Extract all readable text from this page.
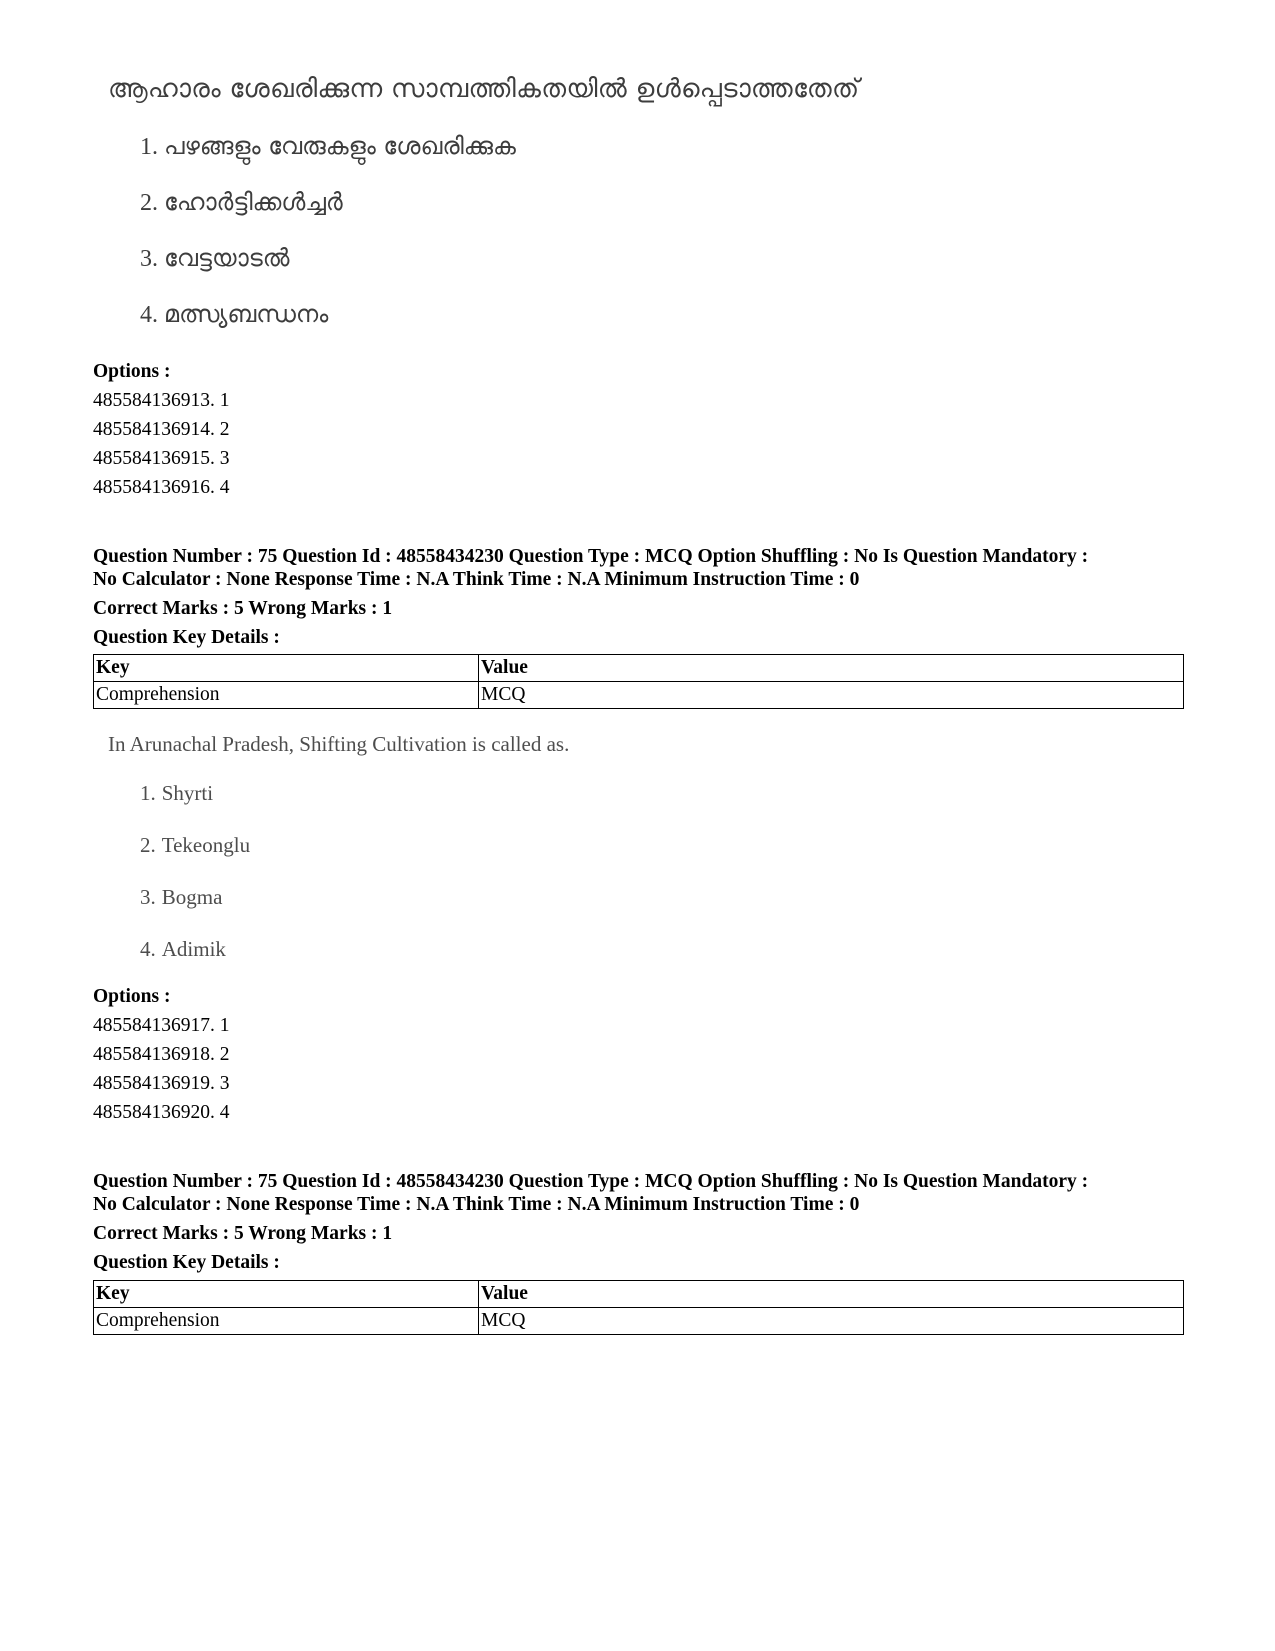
ആഹാരം ശേഖരിക്കുന്ന സാമ്പത്തികതയിൽ ഉൾപ്പെടാത്തതേത്
1. പഴങ്ങളും വേരുകളും ശേഖരിക്കുക
2. ഹോർട്ടിക്കൾച്ചർ
3. വേട്ടയാടൽ
4. മത്സ്യബന്ധനം
Options :
485584136913. 1
485584136914. 2
485584136915. 3
485584136916. 4
Question Number : 75 Question Id : 48558434230 Question Type : MCQ Option Shuffling : No Is Question Mandatory :
No Calculator : None Response Time : N.A Think Time : N.A Minimum Instruction Time : 0
Correct Marks : 5 Wrong Marks : 1
Question Key Details :
Key	Value
Comprehension	MCQ
In Arunachal Pradesh, Shifting Cultivation is called as.
1. Shyrti
2. Tekeonglu
3. Bogma
4. Adimik
Options :
485584136917. 1
485584136918. 2
485584136919. 3
485584136920. 4
Question Number : 75 Question Id : 48558434230 Question Type : MCQ Option Shuffling : No Is Question Mandatory :
No Calculator : None Response Time : N.A Think Time : N.A Minimum Instruction Time : 0
Correct Marks : 5 Wrong Marks : 1
Question Key Details :
Key	Value
Comprehension	MCQ
